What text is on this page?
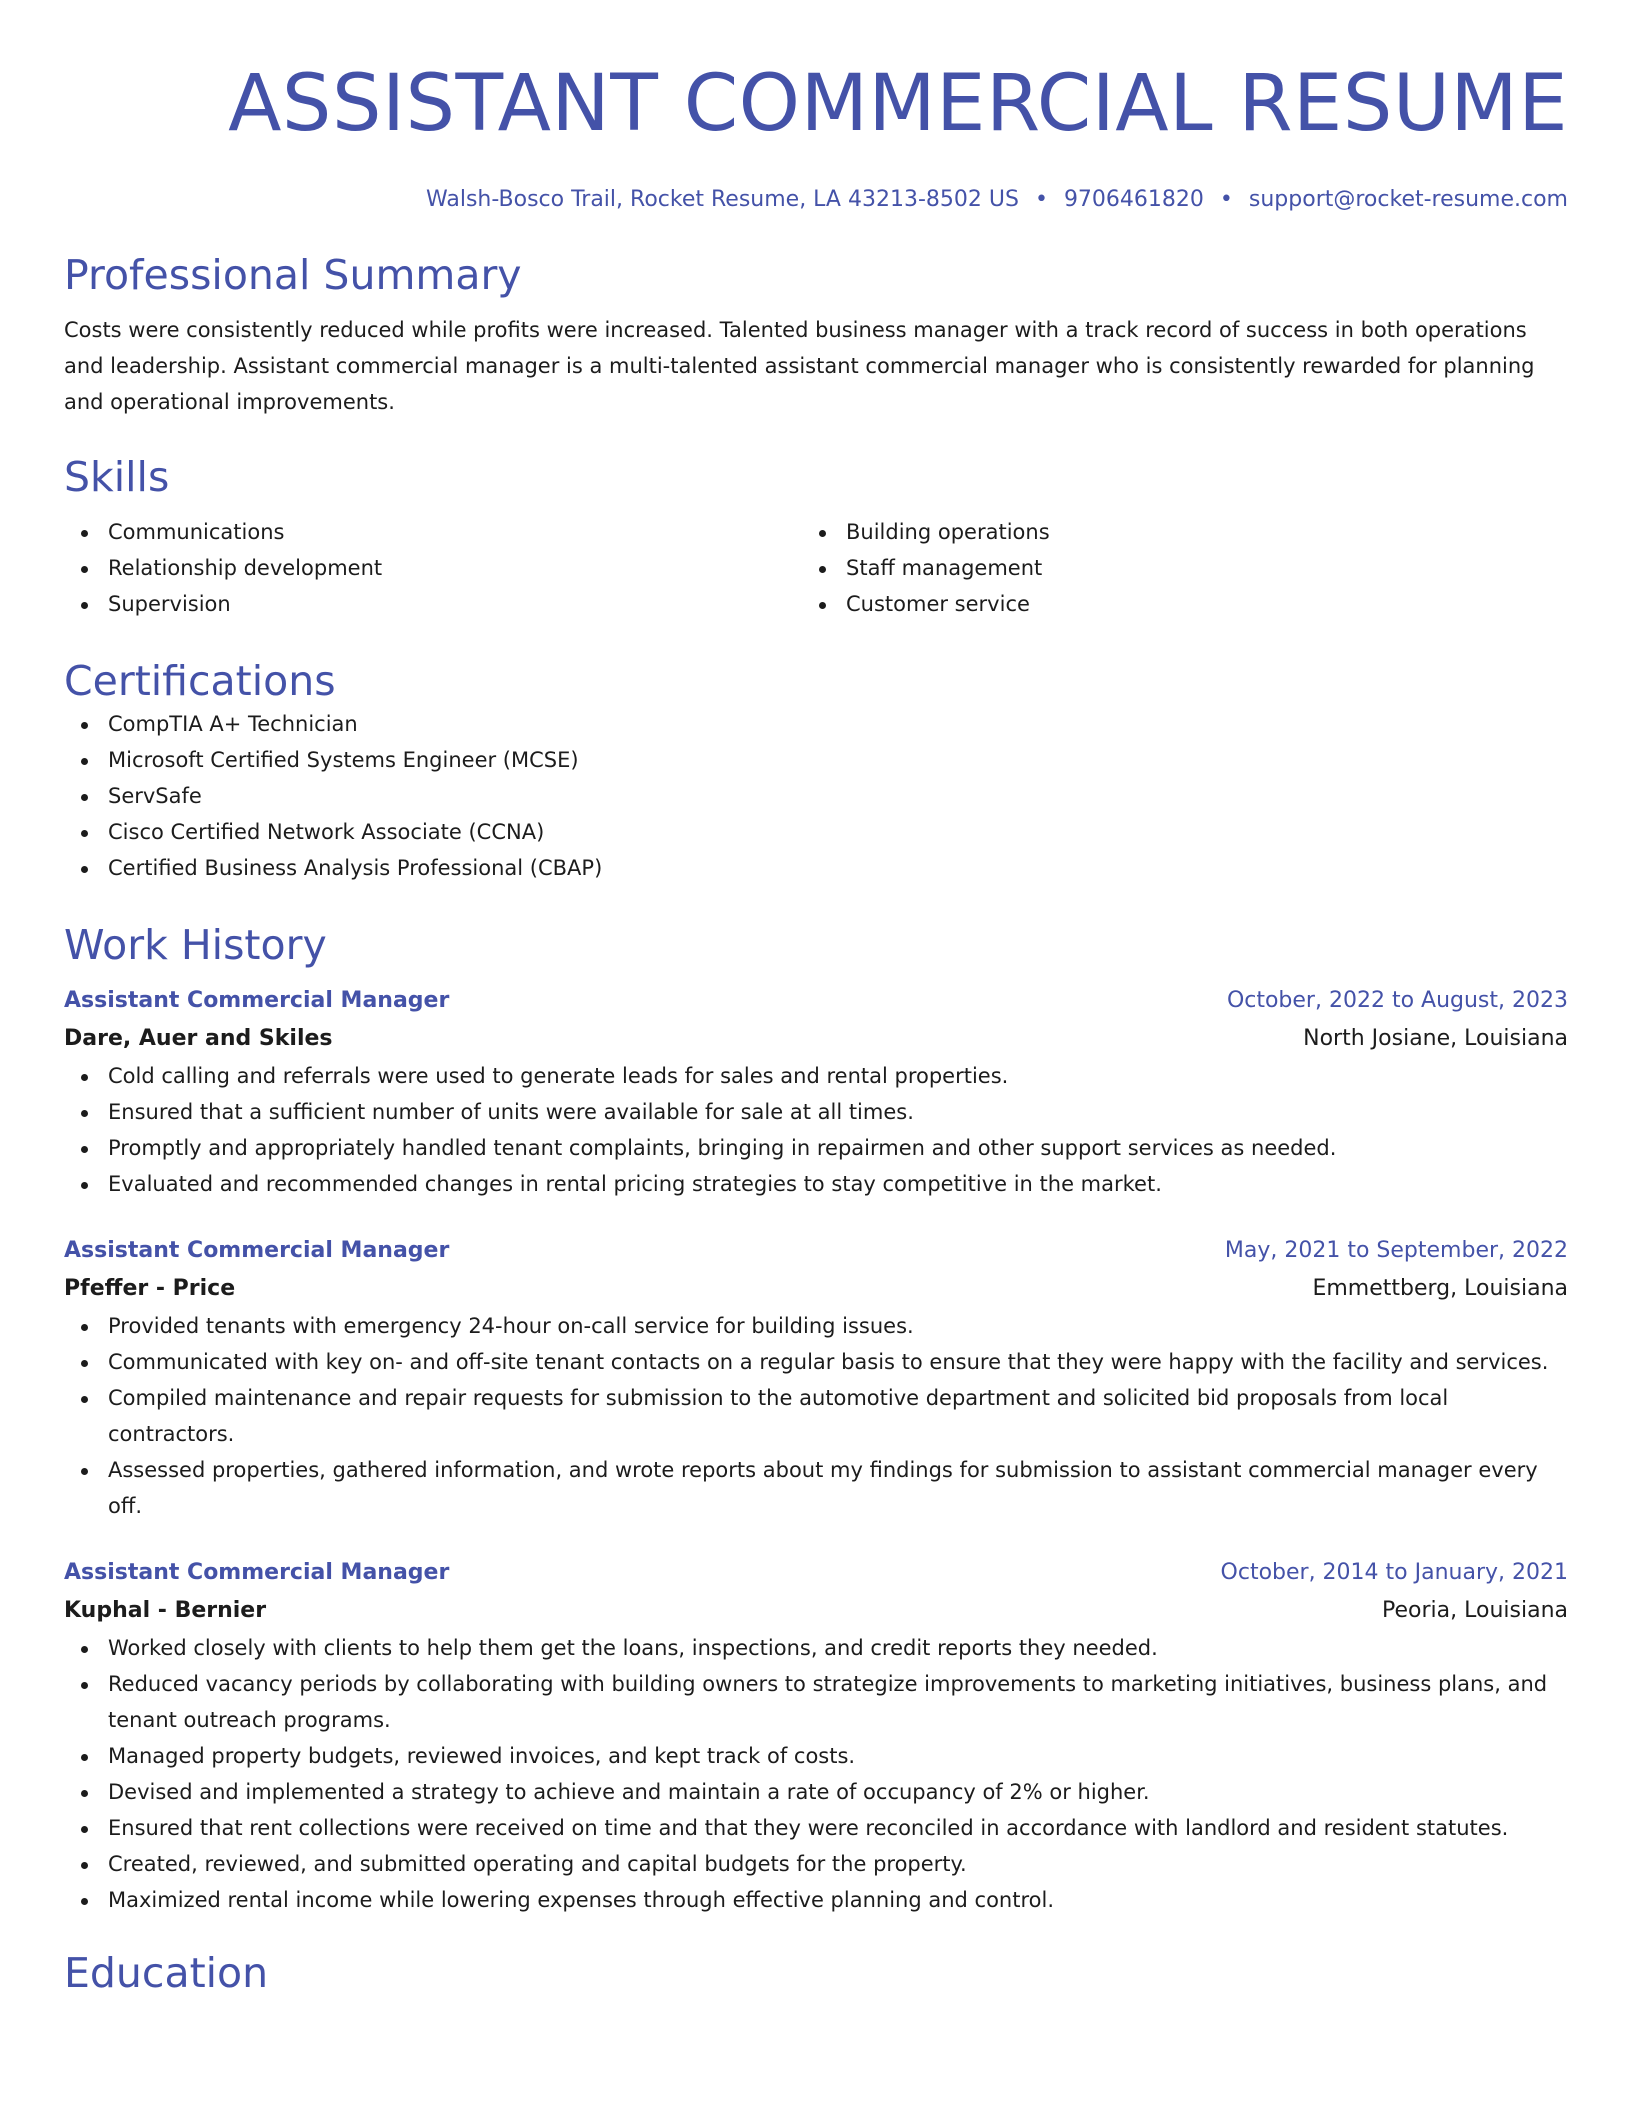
ASSISTANT COMMERCIAL RESUME
Walsh-Bosco Trail, Rocket Resume, LA 43213-8502 US • 9706461820 • support@rocket-resume.com
Professional Summary
Costs were consistently reduced while profits were increased. Talented business manager with a track record of success in both operations and leadership. Assistant commercial manager is a multi-talented assistant commercial manager who is consistently rewarded for planning and operational improvements.
Skills
Communications
Relationship development
Supervision
Building operations
Staff management
Customer service
Certifications
CompTIA A+ Technician
Microsoft Certified Systems Engineer (MCSE)
ServSafe
Cisco Certified Network Associate (CCNA)
Certified Business Analysis Professional (CBAP)
Work History
Assistant Commercial Manager	October, 2022 to August, 2023
Dare, Auer and Skiles	North Josiane, Louisiana
Cold calling and referrals were used to generate leads for sales and rental properties.
Ensured that a sufficient number of units were available for sale at all times.
Promptly and appropriately handled tenant complaints, bringing in repairmen and other support services as needed.
Evaluated and recommended changes in rental pricing strategies to stay competitive in the market.
Assistant Commercial Manager	May, 2021 to September, 2022
Pfeffer - Price	Emmettberg, Louisiana
Provided tenants with emergency 24-hour on-call service for building issues.
Communicated with key on- and off-site tenant contacts on a regular basis to ensure that they were happy with the facility and services.
Compiled maintenance and repair requests for submission to the automotive department and solicited bid proposals from local contractors.
Assessed properties, gathered information, and wrote reports about my findings for submission to assistant commercial manager every off.
Assistant Commercial Manager	October, 2014 to January, 2021
Kuphal - Bernier	Peoria, Louisiana
Worked closely with clients to help them get the loans, inspections, and credit reports they needed.
Reduced vacancy periods by collaborating with building owners to strategize improvements to marketing initiatives, business plans, and tenant outreach programs.
Managed property budgets, reviewed invoices, and kept track of costs.
Devised and implemented a strategy to achieve and maintain a rate of occupancy of 2% or higher.
Ensured that rent collections were received on time and that they were reconciled in accordance with landlord and resident statutes.
Created, reviewed, and submitted operating and capital budgets for the property.
Maximized rental income while lowering expenses through effective planning and control.
Education
